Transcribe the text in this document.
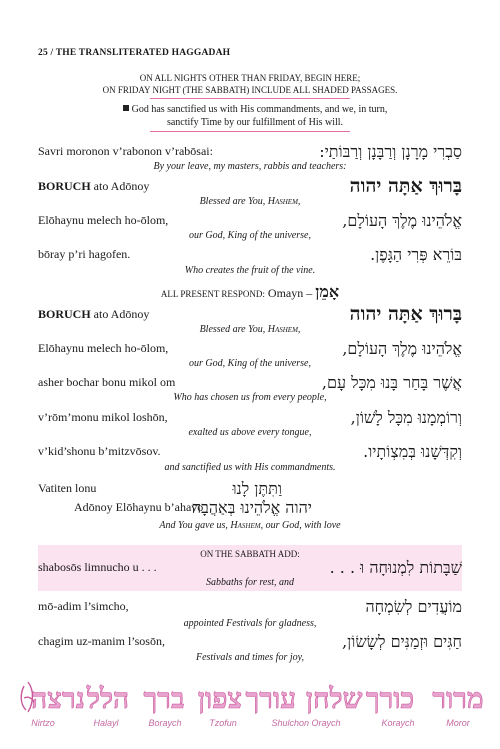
25 / THE TRANSLITERATED HAGGADAH
ON ALL NIGHTS OTHER THAN FRIDAY, BEGIN HERE;
ON FRIDAY NIGHT (THE SABBATH) INCLUDE ALL SHADED PASSAGES.
God has sanctified us with His commandments, and we, in turn,
sanctify Time by our fulfillment of His will.
Savri moronon v’rabonon v’rabōsai:	סַבְרִי מָרָנָן וְרַבָּנָן וְרַבּוֹתַי:
By your leave, my masters, rabbis and teachers:
BORUCH ato Adōnoy	בָּרוּךְ אַתָּה יהוה
Blessed are You, Hashem,
Elōhaynu melech ho-ōlom,	אֱלֹהֵינוּ מֶלֶךְ הָעוֹלָם,
our God, King of the universe,
bōray p’ri hagofen.	בּוֹרֵא פְּרִי הַגָּפֶן.
Who creates the fruit of the vine.
ALL PRESENT RESPOND: Omayn – אָמֵן
BORUCH ato Adōnoy	בָּרוּךְ אַתָּה יהוה
Blessed are You, Hashem,
Elōhaynu melech ho-ōlom,	אֱלֹהֵינוּ מֶלֶךְ הָעוֹלָם,
our God, King of the universe,
asher bochar bonu mikol om	אֲשֶׁר בָּחַר בָּנוּ מִכָּל עָם,
Who has chosen us from every people,
v’rōm’monu mikol loshōn,	וְרוֹמְמָנוּ מִכָּל לָשׁוֹן,
exalted us above every tongue,
v’kid’shonu b’mitzvōsov.	וְקִדְּשָׁנוּ בְּמִצְוֹתָיו.
and sanctified us with His commandments.
Vatiten lonu	וַתִּתֶּן לָנוּ
Adōnoy Elōhaynu b’ahavo
יהוה אֱלֹהֵינוּ בְּאַהֲבָה
And You gave us, Hashem, our God, with love
ON THE SABBATH ADD:
shabosōs limnucho u . . .	שַׁבָּתוֹת לִמְנוּחָה וּ . . .
Sabbaths for rest, and
mō-adim l’simcho,	מוֹעֲדִים לְשִׂמְחָה
appointed Festivals for gladness,
chagim uz-manim l’sosōn,	חַגִּים וּזְמַנִּים לְשָׂשׂוֹן,
Festivals and times for joy,
מרור
כורך
שלחן עורך
צפון
ברך
הלל
נרצה
Nirtzo	Halayl	Boraych	Tzofun	Shulchon Oraych	Koraych	Moror
